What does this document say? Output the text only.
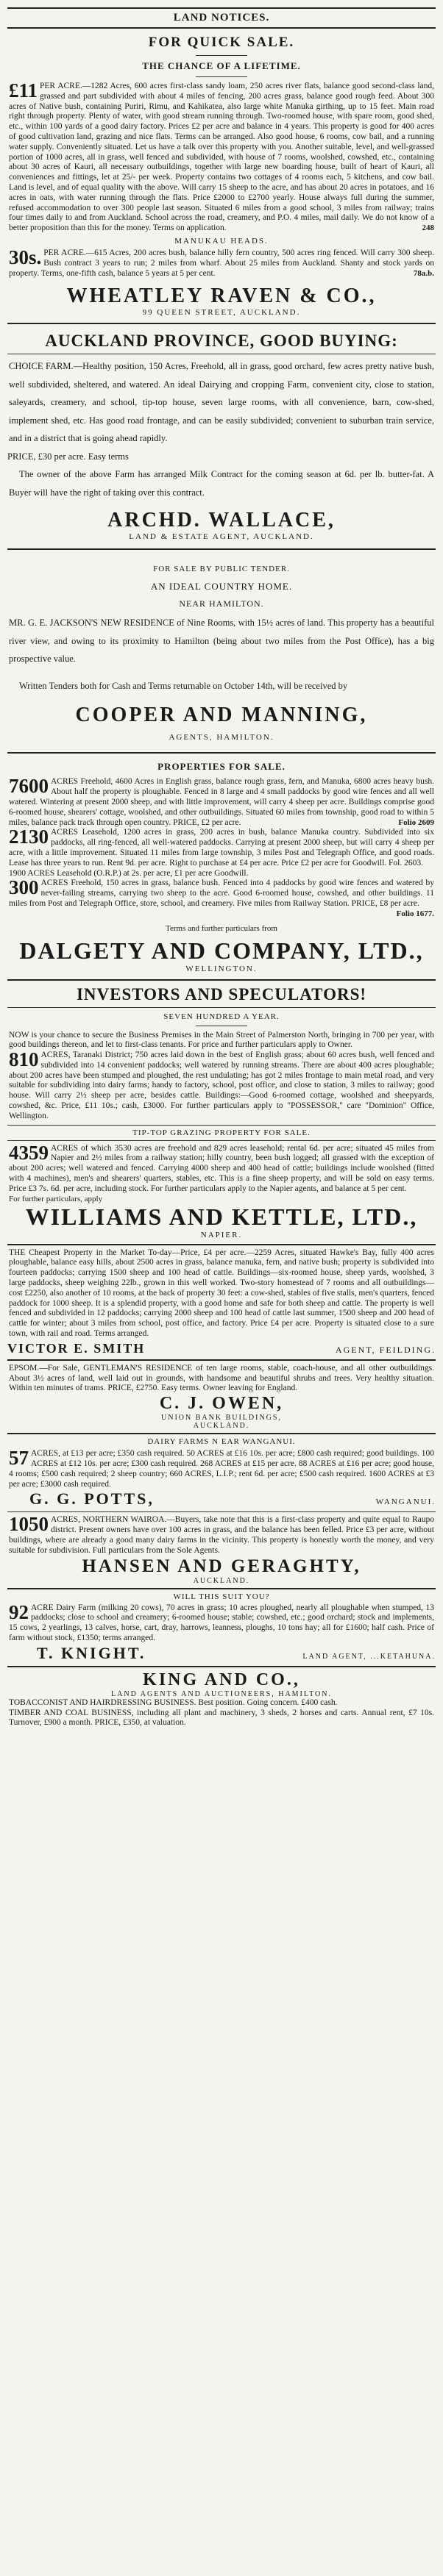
LAND NOTICES.
FOR QUICK SALE.
THE CHANCE OF A LIFETIME.
£11 PER ACRE.—1282 Acres, 600 acres first-class sandy loam, 250 acres river flats, balance good second-class land, grassed and part subdivided with about 4 miles of fencing, 200 acres grass, balance good rough feed. About 300 acres of Native bush, containing Puriri, Rimu, and Kahikatea, also large white Manuka girthing, up to 15 feet. Main road right through property. Plenty of water, with good stream running through. Two-roomed house, with spare room, good shed, etc., within 100 yards of a good dairy factory. Prices £2 per acre and balance in 4 years. This property is good for 400 acres of good cultivation land, grazing and nice flats. Terms can be arranged. Also good house, 6 rooms, cow bail, and a running water supply. Conveniently situated. Let us have a talk over this property with you. Another suitable, level, and well-grassed portion of 1000 acres, all in grass, well fenced and subdivided, with house of 7 rooms, woolshed, cowshed, etc., containing about 30 acres of Kauri, all necessary outbuildings, together with large new boarding house, built of heart of Kauri, all conveniences and fittings, let at 25/- per week. Property contains two cottages of 4 rooms each, 5 kitchens, and cow bail. Land is level, and of equal quality with the above. Will carry 15 sheep to the acre, and has about 20 acres in potatoes, and 16 acres in oats, with water running through the flats. Price £2000 to £2700 yearly. House always full during the summer, refused accommodation to over 300 people last season. Situated 6 miles from a good school, 3 miles from railway; trains four times daily to and from Auckland. School across the road, creamery, and P.O. 4 miles, mail daily. We do not know of a better proposition than this for the money. Terms on application.	248
MANUKAU HEADS.
30s. PER ACRE.—615 Acres, 200 acres bush, balance hilly fern country, 500 acres ring fenced. Will carry 300 sheep. Bush contract 3 years to run; 2 miles from wharf. About 25 miles from Auckland. Shanty and stock yards on property. Terms, one-fifth cash, balance 5 years at 5 per cent.	78a.b.
WHEATLEY RAVEN & CO.,
99 QUEEN STREET, AUCKLAND.
AUCKLAND PROVINCE, GOOD BUYING:
CHOICE FARM.—Healthy position, 150 Acres, Freehold, all in grass, good orchard, few acres pretty native bush, well subdivided, sheltered, and watered. An ideal Dairying and cropping Farm, convenient city, close to station, saleyards, creamery, and school, tip-top house, seven large rooms, with all convenience, barn, cow-shed, implement shed, etc. Has good road frontage, and can be easily subdivided; convenient to suburban train service, and in a district that is going ahead rapidly.
PRICE, £30 per acre. Easy terms
The owner of the above Farm has arranged Milk Contract for the coming season at 6d. per lb. butter-fat. A Buyer will have the right of taking over this contract.
ARCHD. WALLACE,
LAND & ESTATE AGENT, AUCKLAND.
FOR SALE BY PUBLIC TENDER.
AN IDEAL COUNTRY HOME.
NEAR HAMILTON.
MR. G. E. JACKSON'S NEW RESIDENCE of Nine Rooms, with 15½ acres of land. This property has a beautiful river view, and owing to its proximity to Hamilton (being about two miles from the Post Office), has a big prospective value.
Written Tenders both for Cash and Terms returnable on October 14th, will be received by
COOPER AND MANNING,
AGENTS, HAMILTON.
PROPERTIES FOR SALE.
7600 ACRES Freehold, 4600 Acres in English grass, balance rough grass, fern, and Manuka, 6800 acres heavy bush. About half the property is ploughable. Fenced in 8 large and 4 small paddocks by good wire fences and all well watered. Wintering at present 2000 sheep, and with little improvement, will carry 4 sheep per acre. Buildings comprise good 6-roomed house, shearers' cottage, woolshed, and other outbuildings. Situated 60 miles from township, good road to within 5 miles, balance pack track through open country. PRICE, £2 per acre.	Folio 2609
2130 ACRES Leasehold, 1200 acres in grass, 200 acres in bush, balance Manuka country. Subdivided into six paddocks, all ring-fenced, all well-watered paddocks. Carrying at present 2000 sheep, but will carry 4 sheep per acre, with a little improvement. Situated 11 miles from large township, 3 miles Post and Telegraph Office, and good roads. Lease has three years to run. Rent 9d. per acre. Right to purchase at £4 per acre. Price £2 per acre for Goodwill. Fol. 2603.
1900 ACRES Leasehold (O.R.P.) at 2s. per acre, £1 per acre Goodwill.
300 ACRES Freehold, 150 acres in grass, balance bush. Fenced into 4 paddocks by good wire fences and watered by never-failing streams, carrying two sheep to the acre. Good 6-roomed house, cowshed, and other buildings. 11 miles from Post and Telegraph Office, store, school, and creamery. Five miles from Railway Station. PRICE, £8 per acre.
Folio 1677.
Terms and further particulars from
DALGETY AND COMPANY, LTD.,
WELLINGTON.
INVESTORS AND SPECULATORS!
SEVEN HUNDRED A YEAR.
NOW is your chance to secure the Business Premises in the Main Street of Palmerston North, bringing in 700 per year, with good buildings thereon, and let to first-class tenants. For price and further particulars apply to Owner.
810 ACRES, Taranaki District; 750 acres laid down in the best of English grass; about 60 acres bush, well fenced and subdivided into 14 convenient paddocks; well watered by running streams. There are about 400 acres ploughable; about 200 acres have been stumped and ploughed, the rest undulating; has got 2 miles frontage to main metal road, and very suitable for subdividing into dairy farms; handy to factory, school, post office, and close to station, 3 miles to railway; good house. Will carry 2½ sheep per acre, besides cattle. Buildings:—Good 6-roomed cottage, woolshed and sheepyards, cowshed, &c. Price, £11 10s.; cash, £3000. For further particulars apply to "POSSESSOR," care "Dominion" Office, Wellington.
TIP-TOP GRAZING PROPERTY FOR SALE.
4359 ACRES of which 3530 acres are freehold and 829 acres leasehold; rental 6d. per acre; situated 45 miles from Napier and 2½ miles from a railway station; hilly country, been bush logged; all grassed with the exception of about 200 acres; well watered and fenced. Carrying 4000 sheep and 400 head of cattle; buildings include woolshed (fitted with 4 machines), men's and shearers' quarters, stables, etc. This is a fine sheep property, and will be sold on easy terms. Price £3 7s. 6d. per acre, including stock. For further particulars apply to the Napier agents, and balance at 5 per cent.
For further particulars, apply
WILLIAMS AND KETTLE, LTD.,
NAPIER.
THE Cheapest Property in the Market To-day—Price, £4 per acre.—2259 Acres, situated Hawke's Bay, fully 400 acres ploughable, balance easy hills, about 2500 acres in grass, balance manuka, fern, and native bush; property is subdivided into fourteen paddocks; carrying 1500 sheep and 100 head of cattle. Buildings—six-roomed house, sheep yards, woolshed, 3 large paddocks, sheep weighing 22lb., grown in this well worked. Two-story homestead of 7 rooms and all outbuildings—cost £2250, also another of 10 rooms, at the back of property 30 feet: a cow-shed, stables of five stalls, men's quarters, fenced paddock for 1000 sheep. It is a splendid property, with a good home and safe for both sheep and cattle. The property is well fenced and subdivided in 12 paddocks; carrying 2000 sheep and 100 head of cattle last summer, 1500 sheep and 200 head of cattle for winter; about 3 miles from school, post office, and factory. Price £4 per acre. Property is situated close to a sure town, with rail and road. Terms arranged.
VICTOR E. SMITH	AGENT, FEILDING.
EPSOM.—For Sale, GENTLEMAN'S RESIDENCE of ten large rooms, stable, coach-house, and all other outbuildings. About 3½ acres of land, well laid out in grounds, with handsome and beautiful shrubs and trees. Very healthy situation. Within ten minutes of trams. PRICE, £2750. Easy terms. Owner leaving for England.
C. J. OWEN,
UNION BANK BUILDINGS,
AUCKLAND.
DAIRY FARMS N EAR WANGANUI.
57 ACRES, at £13 per acre; £350 cash required. 50 ACRES at £16 10s. per acre; £800 cash required; good buildings. 100 ACRES at £12 10s. per acre; £300 cash required. 268 ACRES at £15 per acre. 88 ACRES at £16 per acre; good house, 4 rooms; £500 cash required; 2 sheep country; 660 ACRES, L.I.P.; rent 6d. per acre; £500 cash required. 1600 ACRES at £3 per acre; £3000 cash required.
G. G. POTTS,	WANGANUI.
1050 ACRES, NORTHERN WAIROA.—Buyers, take note that this is a first-class property and quite equal to Raupo district. Present owners have over 100 acres in grass, and the balance has been felled. Price £3 per acre, without buildings, where are already a good many dairy farms in the vicinity. This property is honestly worth the money, and very suitable for subdivision. Full particulars from the Sole Agents.
HANSEN AND GERAGHTY,
AUCKLAND.
WILL THIS SUIT YOU?
92 ACRE Dairy Farm (milking 20 cows), 70 acres in grass; 10 acres ploughed, nearly all ploughable when stumped, 13 paddocks; close to school and creamery; 6-roomed house; stable; cowshed, etc.; good orchard; stock and implements, 15 cows, 2 yearlings, 13 calves, horse, cart, dray, harrows, leanness, ploughs, 10 tons hay; all for £1600; half cash. Price of farm without stock, £1350; terms arranged.
T. KNIGHT.	LAND AGENT, ...KETAHUNA.
KING AND CO.,
LAND AGENTS AND AUCTIONEERS, HAMILTON.
TOBACCONIST AND HAIRDRESSING BUSINESS. Best position. Going concern. £400 cash.
TIMBER AND COAL BUSINESS, including all plant and machinery, 3 sheds, 2 horses and carts. Annual rent, £7 10s. Turnover, £900 a month. PRICE, £350, at valuation.
